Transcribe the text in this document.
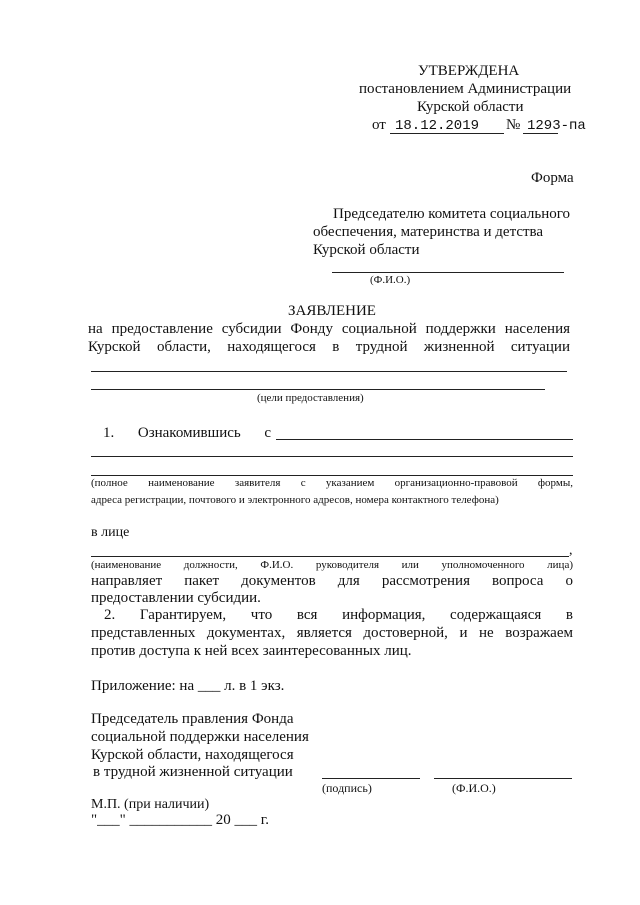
УТВЕРЖДЕНА
постановлением Администрации
Курской области
от 18.12.2019 № 1293-па
Форма
Председателю комитета социального
обеспечения, материнства и детства
Курской области
(Ф.И.О.)
ЗАЯВЛЕНИЕ
на предоставление субсидии Фонду социальной поддержки населения
Курской области, находящегося в трудной жизненной ситуации
(цели предоставления)
1. Ознакомившись с
(полное наименование заявителя с указанием организационно-правовой формы,
адреса регистрации, почтового и электронного адресов, номера контактного телефона)
в лице
,
(наименование должности, Ф.И.О. руководителя или уполномоченного лица)
направляет пакет документов для рассмотрения вопроса о
предоставлении субсидии.
2. Гарантируем, что вся информация, содержащаяся в
представленных документах, является достоверной, и не возражаем
против доступа к ней всех заинтересованных лиц.
Приложение: на ___ л. в 1 экз.
Председатель правления Фонда
социальной поддержки населения
Курской области, находящегося
в трудной жизненной ситуации
(подпись)	(Ф.И.О.)
М.П. (при наличии)
"___" ___________ 20 ___ г.
